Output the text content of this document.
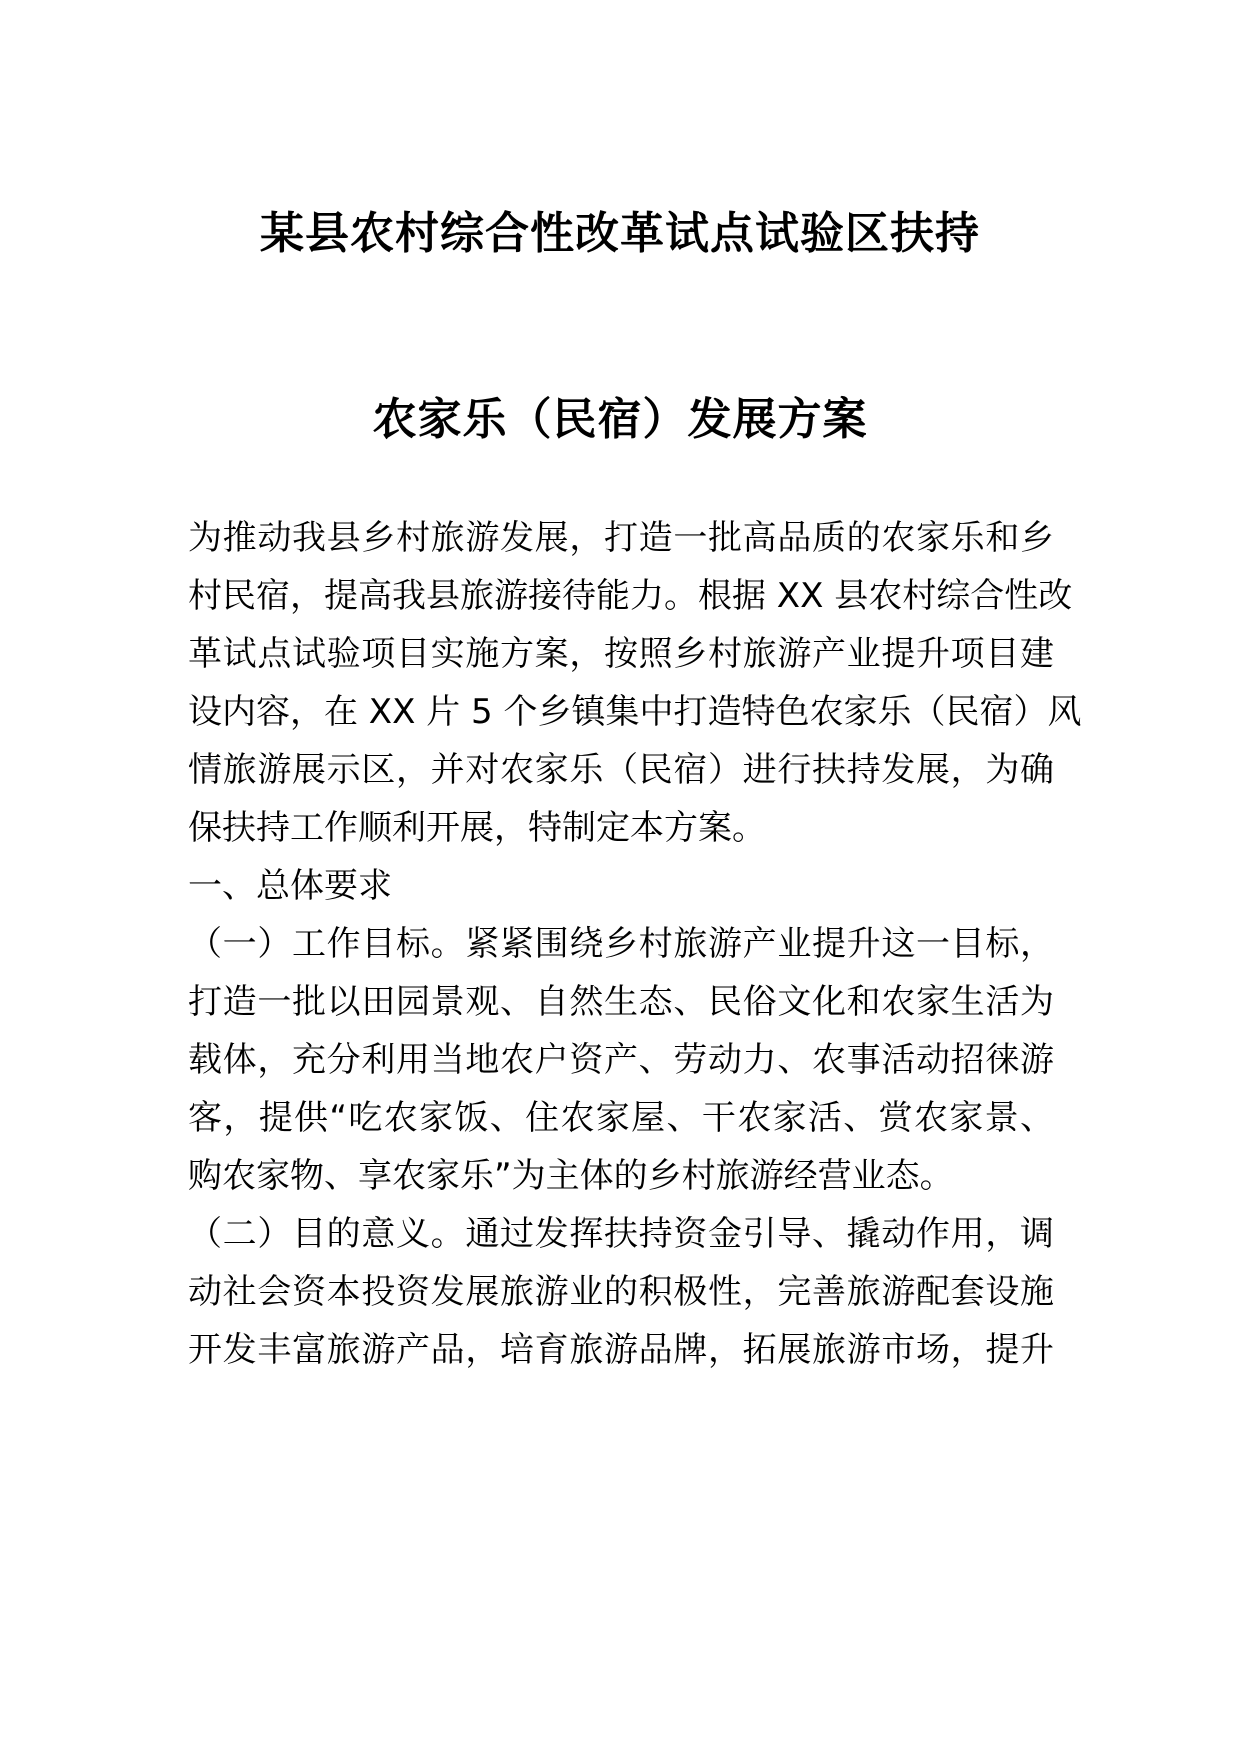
某县农村综合性改革试点试验区扶持
农家乐（民宿）发展方案
为推动我县乡村旅游发展，打造一批高品质的农家乐和乡
村民宿，提高我县旅游接待能力。根据 XX 县农村综合性改
革试点试验项目实施方案，按照乡村旅游产业提升项目建
设内容，在 XX 片 5 个乡镇集中打造特色农家乐（民宿）风
情旅游展示区，并对农家乐（民宿）进行扶持发展，为确
保扶持工作顺利开展，特制定本方案。
一、总体要求
（一）工作目标。紧紧围绕乡村旅游产业提升这一目标，
打造一批以田园景观、自然生态、民俗文化和农家生活为
载体，充分利用当地农户资产、劳动力、农事活动招徕游
客，提供“吃农家饭、住农家屋、干农家活、赏农家景、
购农家物、享农家乐”为主体的乡村旅游经营业态。
（二）目的意义。通过发挥扶持资金引导、撬动作用，调
动社会资本投资发展旅游业的积极性，完善旅游配套设施
开发丰富旅游产品，培育旅游品牌，拓展旅游市场，提升
